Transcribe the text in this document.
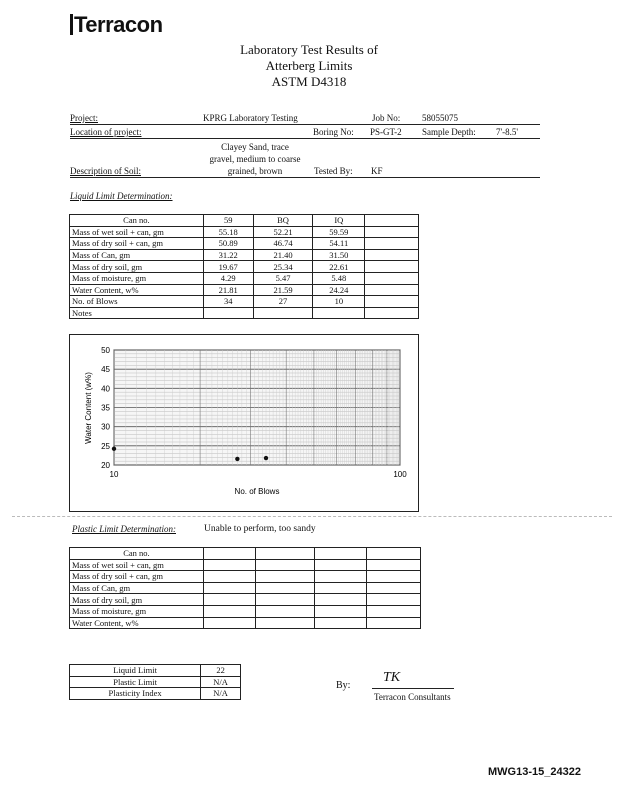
Terracon
Laboratory Test Results of
Atterberg Limits
ASTM D4318
Project:	KPRG Laboratory Testing	Job No: 58055075
Location of project:	Boring No: PS-GT-2 Sample Depth: 7'-8.5'
Clayey Sand, trace
gravel, medium to coarse
grained, brown
Description of Soil:	Tested By: KF
Liquid Limit Determination:
Can no.	59	BQ	IQ	
Mass of wet soil + can, gm	55.18	52.21	59.59	
Mass of dry soil + can, gm	50.89	46.74	54.11	
Mass of Can, gm	31.22	21.40	31.50	
Mass of dry soil, gm	19.67	25.34	22.61	
Mass of moisture, gm	4.29	5.47	5.48	
Water Content, w%	21.81	21.59	24.24	
No. of Blows	34	27	10	
Notes				
20
25
30
35
40
45
50
10	100
No. of Blows
Water Content (w%)
Plastic Limit Determination:	Unable to perform, too sandy
Can no.				
Mass of wet soil + can, gm				
Mass of dry soil + can, gm				
Mass of Can, gm				
Mass of dry soil, gm				
Mass of moisture, gm				
Water Content, w%				
Liquid Limit	22
Plastic Limit	N/A
Plasticity Index	N/A
By:
TK
Terracon Consultants
MWG13-15_24322
